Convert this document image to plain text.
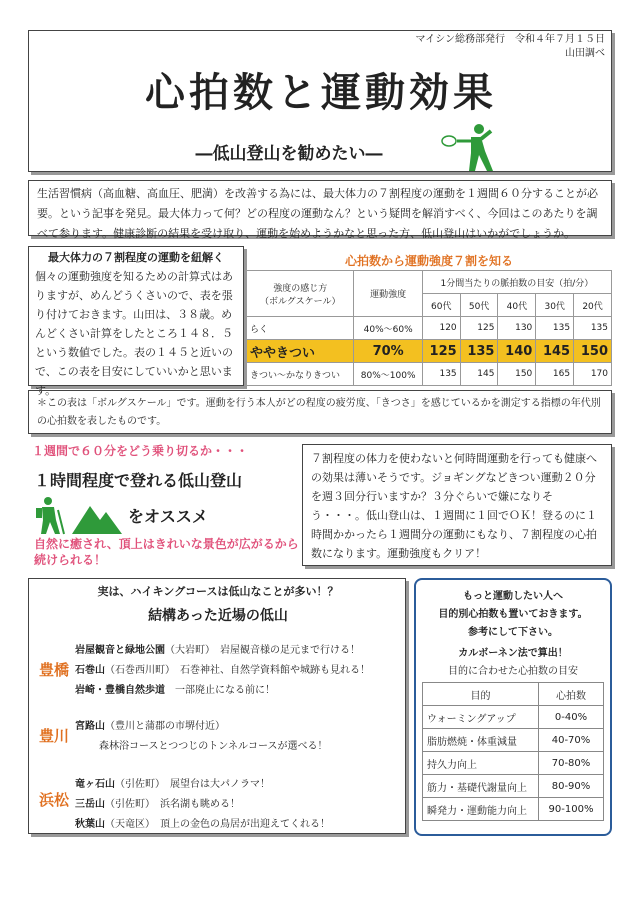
マイシン総務部発行　令和４年７月１５日
山田調べ
心拍数と運動効果
―低山登山を勧めたい―
生活習慣病（高血糖、高血圧、肥満）を改善する為には、最大体力の７割程度の運動を１週間６０分することが必要。という記事を発見。最大体力って何？どの程度の運動なん？という疑問を解消すべく、今回はこのあたりを調べて参ります。健康診断の結果を受け取り、運動を始めようかなと思った方、低山登山はいかがでしょうか。
最大体力の７割程度の運動を紐解く
個々の運動強度を知るための計算式はありますが、めんどうくさいので、表を張り付けておきます。山田は、３８歳。めんどくさい計算をしたところ１４８．５という数値でした。表の１４５と近いので、この表を目安にしていいかと思います。
心拍数から運動強度７割を知る
強度の感じ方
（ボルグスケール）	運動強度	1分間当たりの脈拍数の目安（拍/分）				
		60代	50代	40代	30代	20代
らく	40%～60%	120	125	130	135	135
ややきつい	70%	125	135	140	145	150
きつい～かなりきつい	80%～100%	135	145	150	165	170
＊この表は「ボルグスケール」です。運動を行う本人がどの程度の疲労度、「きつさ」を感じているかを測定する指標の年代別の心拍数を表したものです。
１週間で６０分をどう乗り切るか・・・
１時間程度で登れる低山登山
をオススメ
自然に癒され、頂上はきれいな景色が広がるから続けられる！
７割程度の体力を使わないと何時間運動を行っても健康への効果は薄いそうです。ジョギングなどきつい運動２０分を週３回分行いますか？３分ぐらいで嫌になりそう・・・。低山登山は、１週間に１回でＯＫ！登るのに１時間かかったら１週間分の運動にもなり、７割程度の心拍数になります。運動強度もクリア！
実は、ハイキングコースは低山なことが多い！？
結構あった近場の低山
豊橋
岩屋観音と緑地公園（大岩町）　 岩屋観音様の足元まで行ける！
石巻山（石巻西川町）　 石巻神社、自然学資料館や城跡も見れる！
岩崎・豊橋自然歩道　 一部廃止になる前に！
豊川
宮路山（豊川と蒲郡の市堺付近）
森林浴コースとつつじのトンネルコースが選べる！
浜松
竜ヶ石山（引佐町）　 展望台は大パノラマ！
三岳山（引佐町）　 浜名湖も眺める！
秋葉山（天竜区）　 頂上の金色の鳥居が出迎えてくれる！
もっと運動したい人へ
目的別心拍数も置いておきます。
参考にして下さい。
カルボーネン法で算出！
目的に合わせた心拍数の目安
目的	心拍数
ウォーミングアップ	0-40%
脂肪燃焼・体重減量	40-70%
持久力向上	70-80%
筋力・基礎代謝量向上	80-90%
瞬発力・運動能力向上	90-100%
